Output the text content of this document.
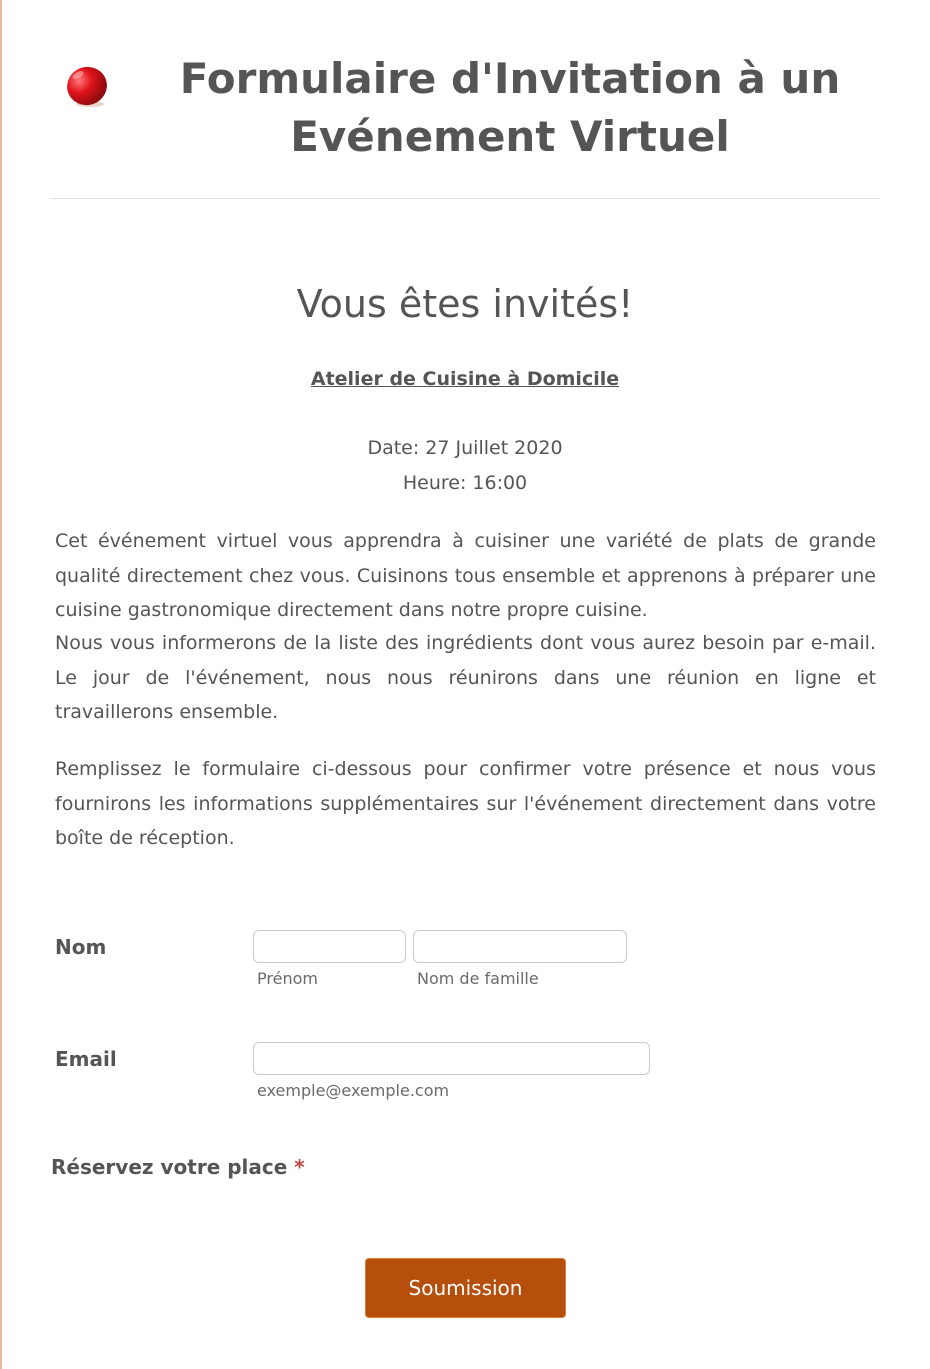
Formulaire d'Invitation à un Evénement Virtuel
Vous êtes invités!
Atelier de Cuisine à Domicile
Date: 27 Juillet 2020
Heure: 16:00

Cet événement virtuel vous apprendra à cuisiner une variété de plats de grande qualité directement chez vous. Cuisinons tous ensemble et apprenons à préparer une cuisine gastronomique directement dans notre propre cuisine.

Nous vous informerons de la liste des ingrédients dont vous aurez besoin par e-mail. Le jour de l'événement, nous nous réunirons dans une réunion en ligne et travaillerons ensemble.

Remplissez le formulaire ci-dessous pour confirmer votre présence et nous vous fournirons les informations supplémentaires sur l'événement directement dans votre boîte de réception.

Nom
Prénom	Nom de famille
Email
exemple@exemple.com
Réservez votre place *
Soumission
